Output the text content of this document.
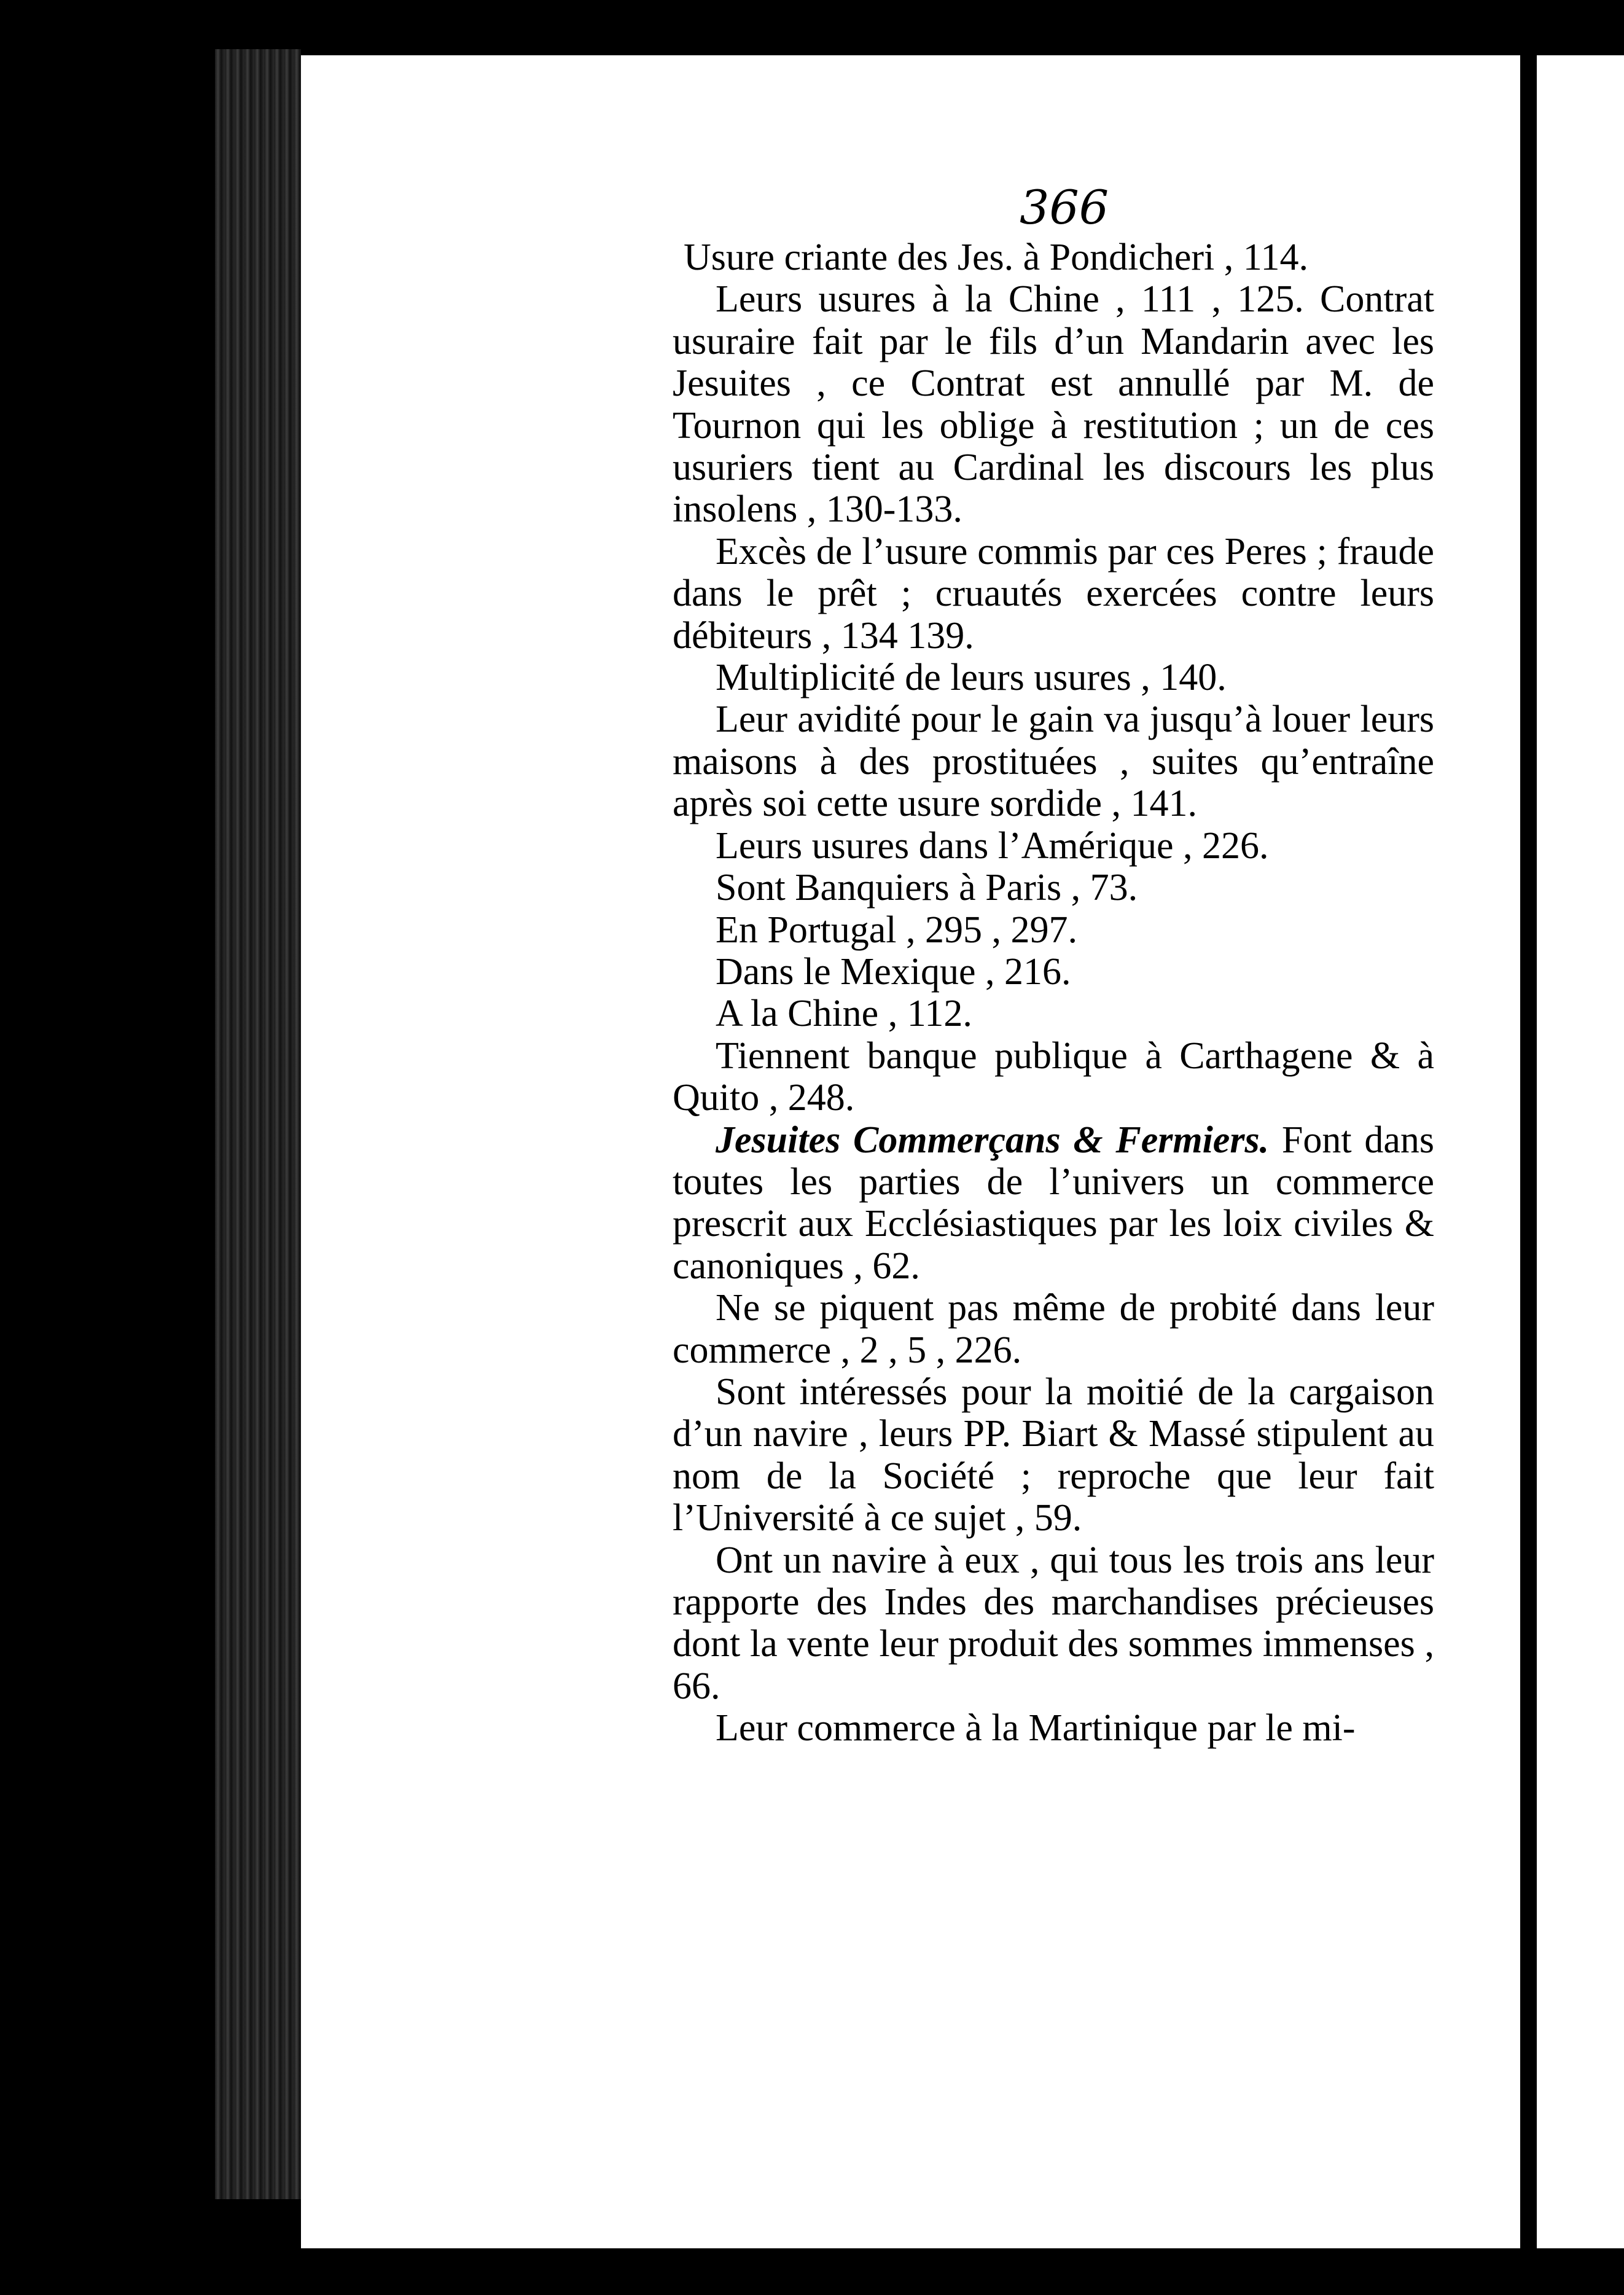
366

Usure criante des Jes. à Pondicheri , 114.

Leurs usures à la Chine , 111 , 125. Contrat usuraire fait par le fils d’un Mandarin avec les Jesuites , ce Contrat est annullé par M. de Tournon qui les oblige à restitution ; un de ces usuriers tient au Cardinal les discours les plus insolens , 130-133.

Excès de l’usure commis par ces Peres ; fraude dans le prêt ; cruautés exercées contre leurs débiteurs , 134 139.

Multiplicité de leurs usures , 140.

Leur avidité pour le gain va jusqu’à louer leurs maisons à des prostituées , suites qu’entraîne après soi cette usure sordide , 141.

Leurs usures dans l’Amérique , 226.

Sont Banquiers à Paris , 73.

En Portugal , 295 , 297.

Dans le Mexique , 216.

A la Chine , 112.

Tiennent banque publique à Carthagene & à Quito , 248.

Jesuites Commerçans & Fermiers. Font dans toutes les parties de l’univers un commerce prescrit aux Ecclésiastiques par les loix civiles & canoniques , 62.

Ne se piquent pas même de probité dans leur commerce , 2 , 5 , 226.

Sont intéressés pour la moitié de la cargaison d’un navire , leurs PP. Biart & Massé stipulent au nom de la Société ; reproche que leur fait l’Université à ce sujet , 59.

Ont un navire à eux , qui tous les trois ans leur rapporte des Indes des marchandises précieuses dont la vente leur produit des sommes immenses , 66.

Leur commerce à la Martinique par le mi-
